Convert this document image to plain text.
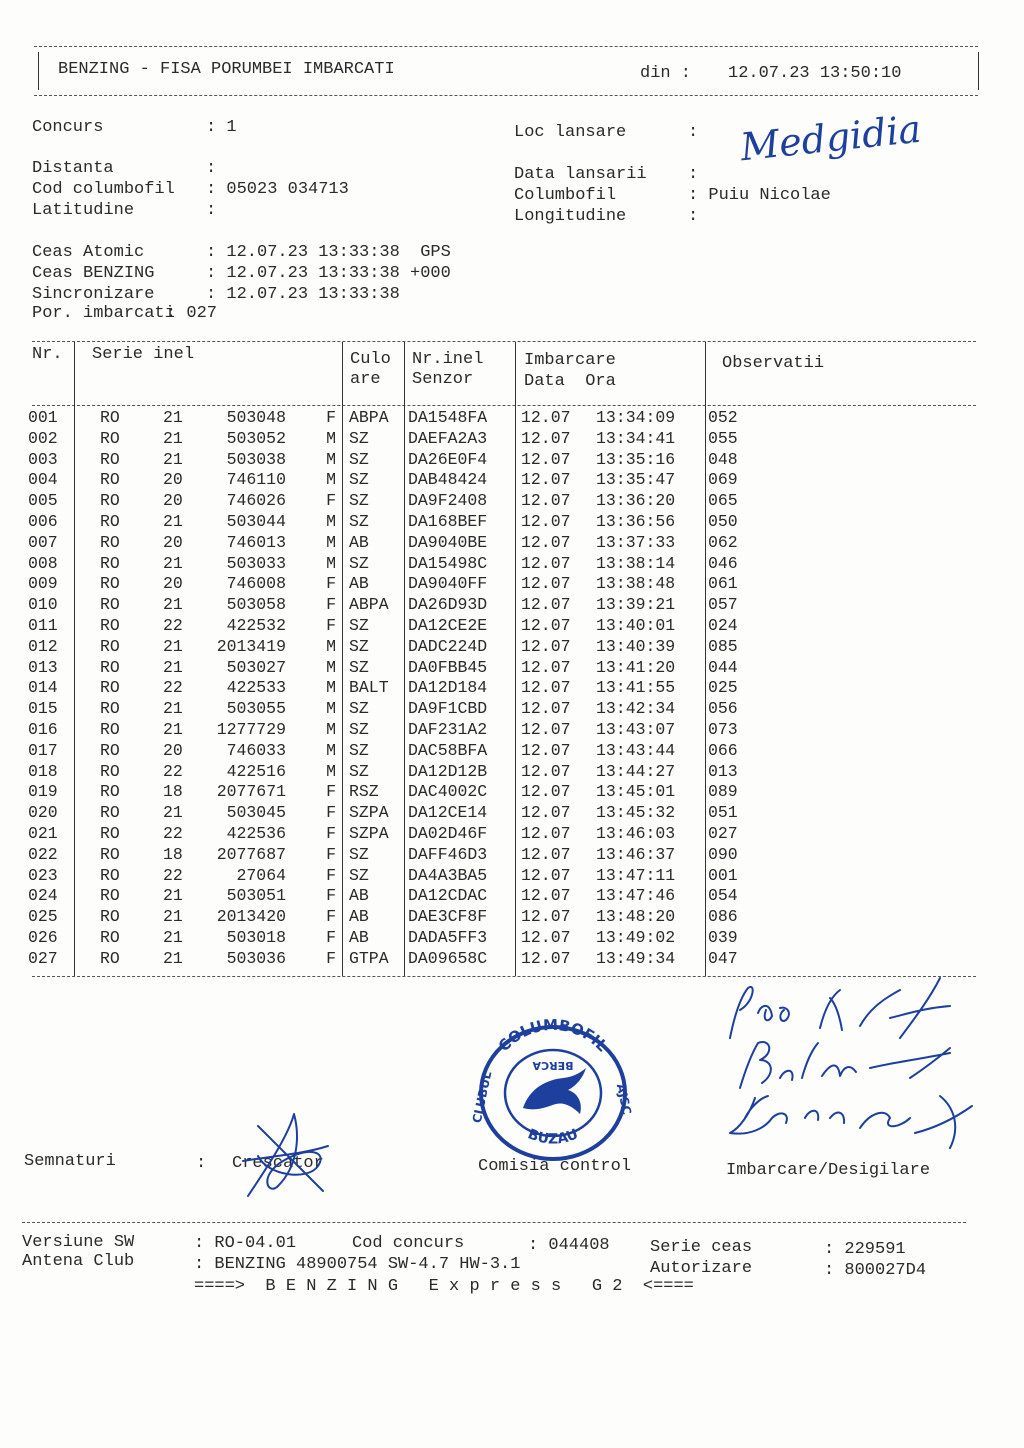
BENZING - FISA PORUMBEI IMBARCATI	din : 12.07.23 13:50:10
Concurs	: 1
Distanta	:
Cod columbofil : 05023 034713
Latitudine	:
Loc lansare	: Medgidia
Data lansarii :
Columbofil	: Puiu Nicolae
Longitudine	:
Ceas Atomic	: 12.07.23 13:33:38  GPS
Ceas BENZING	: 12.07.23 13:33:38 +000
Sincronizare	: 12.07.23 13:33:38
Por. imbarcati
: 027
Nr. Serie inel	Culo
are
Nr.inel
Senzor
Imbarcare
Data  Ora
Observatii
001	RO	21	503048	F ABPA	DA1548FA	12.07	13:34:09	052
002	RO	21	503052	M SZ	DAEFA2A3	12.07	13:34:41	055
003	RO	21	503038	M SZ	DA26E0F4	12.07	13:35:16	048
004	RO	20	746110	M SZ	DAB48424	12.07	13:35:47	069
005	RO	20	746026	F SZ	DA9F2408	12.07	13:36:20	065
006	RO	21	503044	M SZ	DA168BEF	12.07	13:36:56	050
007	RO	20	746013	M AB	DA9040BE	12.07	13:37:33	062
008	RO	21	503033	M SZ	DA15498C	12.07	13:38:14	046
009	RO	20	746008	F AB	DA9040FF	12.07	13:38:48	061
010	RO	21	503058	F ABPA	DA26D93D	12.07	13:39:21	057
011	RO	22	422532	F SZ	DA12CE2E	12.07	13:40:01	024
012	RO	21	2013419	M SZ	DADC224D	12.07	13:40:39	085
013	RO	21	503027	M SZ	DA0FBB45	12.07	13:41:20	044
014	RO	22	422533	M BALT	DA12D184	12.07	13:41:55	025
015	RO	21	503055	M SZ	DA9F1CBD	12.07	13:42:34	056
016	RO	21	1277729	M SZ	DAF231A2	12.07	13:43:07	073
017	RO	20	746033	M SZ	DAC58BFA	12.07	13:43:44	066
018	RO	22	422516	M SZ	DA12D12B	12.07	13:44:27	013
019	RO	18	2077671	F RSZ	DAC4002C	12.07	13:45:01	089
020	RO	21	503045	F SZPA	DA12CE14	12.07	13:45:32	051
021	RO	22	422536	F SZPA	DA02D46F	12.07	13:46:03	027
022	RO	18	2077687	F SZ	DAFF46D3	12.07	13:46:37	090
023	RO	22	27064	F SZ	DA4A3BA5	12.07	13:47:11	001
024	RO	21	503051	F AB	DA12CDAC	12.07	13:47:46	054
025	RO	21	2013420	F AB	DAE3CF8F	12.07	13:48:20	086
026	RO	21	503018	F AB	DADA5FF3	12.07	13:49:02	039
027	RO	21	503036	F GTPA	DA09658C	12.07	13:49:34	047
Semnaturi	: Crescator	Comisia control	Imbarcare/Desigilare
COLUMBOFIL
BUZAU
CLUBUL	AJSC
BERCA
Versiune SW	: RO-04.01	Cod concurs	: 044408 Serie ceas	: 229591
Antena Club	: BENZING 48900754 SW-4.7 HW-3.1	Autorizare	: 800027D4
====>  B E N Z I N G   E x p r e s s   G 2  <====
